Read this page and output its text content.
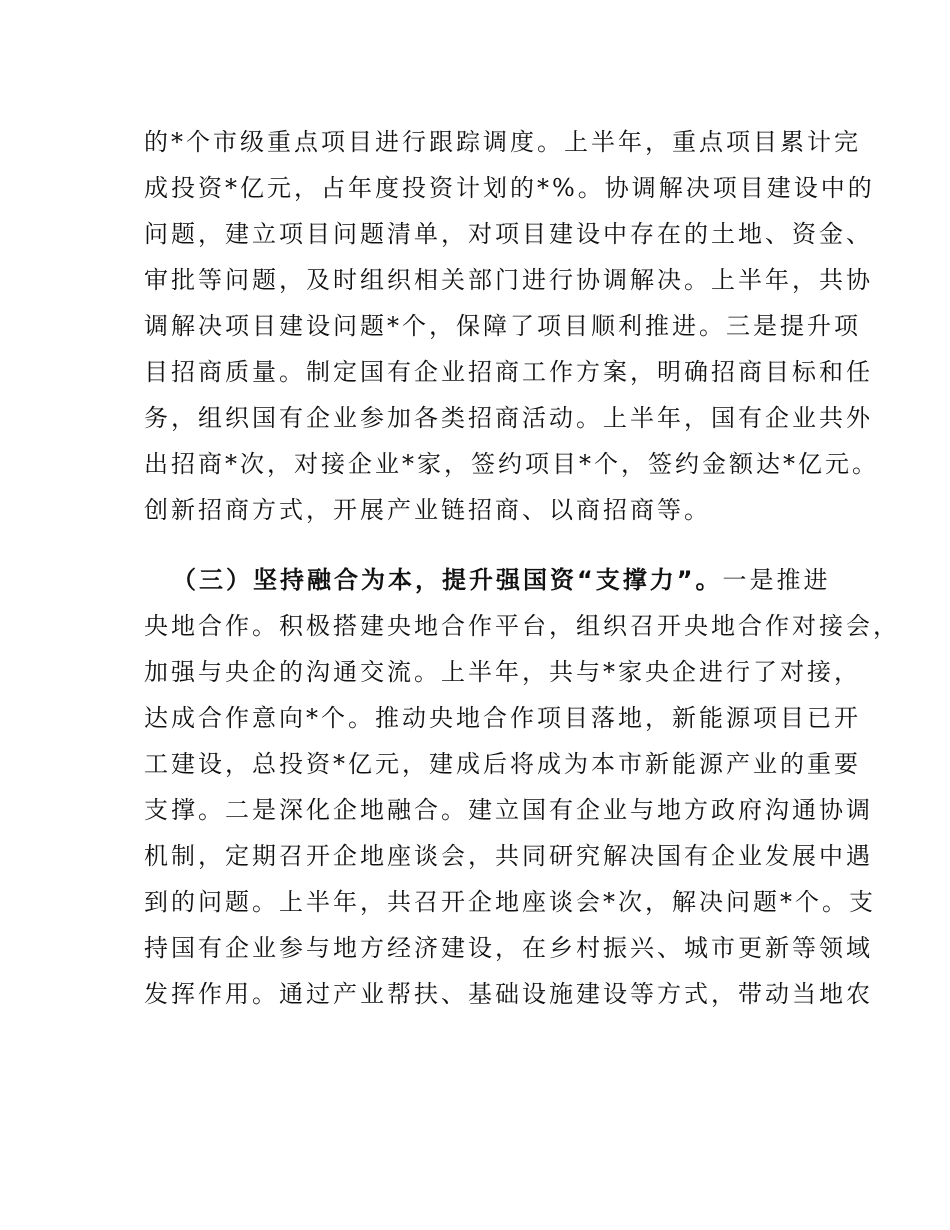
的*个市级重点项目进行跟踪调度。上半年，重点项目累计完
成投资*亿元，占年度投资计划的*%。协调解决项目建设中的
问题，建立项目问题清单，对项目建设中存在的土地、资金、
审批等问题，及时组织相关部门进行协调解决。上半年，共协
调解决项目建设问题*个，保障了项目顺利推进。三是提升项
目招商质量。制定国有企业招商工作方案，明确招商目标和任
务，组织国有企业参加各类招商活动。上半年，国有企业共外
出招商*次，对接企业*家，签约项目*个，签约金额达*亿元。
创新招商方式，开展产业链招商、以商招商等。
（三）坚持融合为本，提升强国资“支撑力”。一是推进
央地合作。积极搭建央地合作平台，组织召开央地合作对接会，
加强与央企的沟通交流。上半年，共与*家央企进行了对接，
达成合作意向*个。推动央地合作项目落地，新能源项目已开
工建设，总投资*亿元，建成后将成为本市新能源产业的重要
支撑。二是深化企地融合。建立国有企业与地方政府沟通协调
机制，定期召开企地座谈会，共同研究解决国有企业发展中遇
到的问题。上半年，共召开企地座谈会*次，解决问题*个。支
持国有企业参与地方经济建设，在乡村振兴、城市更新等领域
发挥作用。通过产业帮扶、基础设施建设等方式，带动当地农
